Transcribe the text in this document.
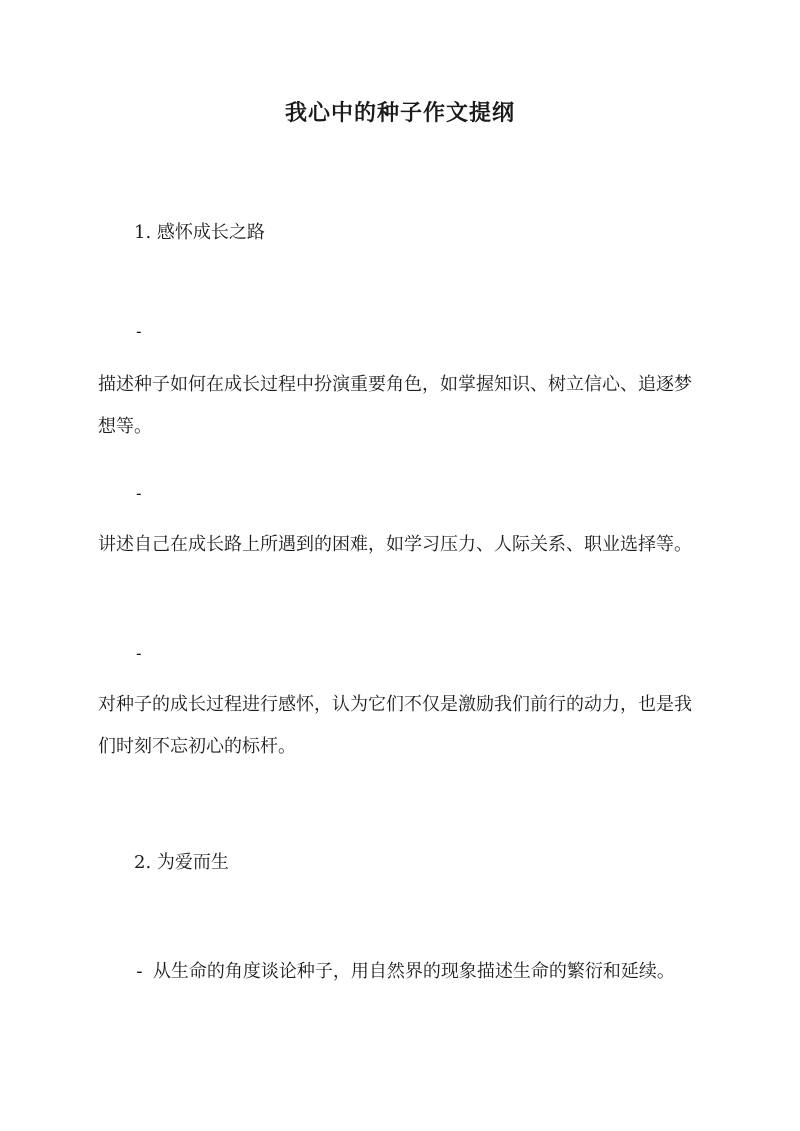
我心中的种子作文提纲
1. 感怀成长之路
-
描述种子如何在成长过程中扮演重要角色，如掌握知识、树立信心、追逐梦想等。
-
讲述自己在成长路上所遇到的困难，如学习压力、人际关系、职业选择等。
-
对种子的成长过程进行感怀，认为它们不仅是激励我们前行的动力，也是我们时刻不忘初心的标杆。
2. 为爱而生
- 从生命的角度谈论种子，用自然界的现象描述生命的繁衍和延续。
